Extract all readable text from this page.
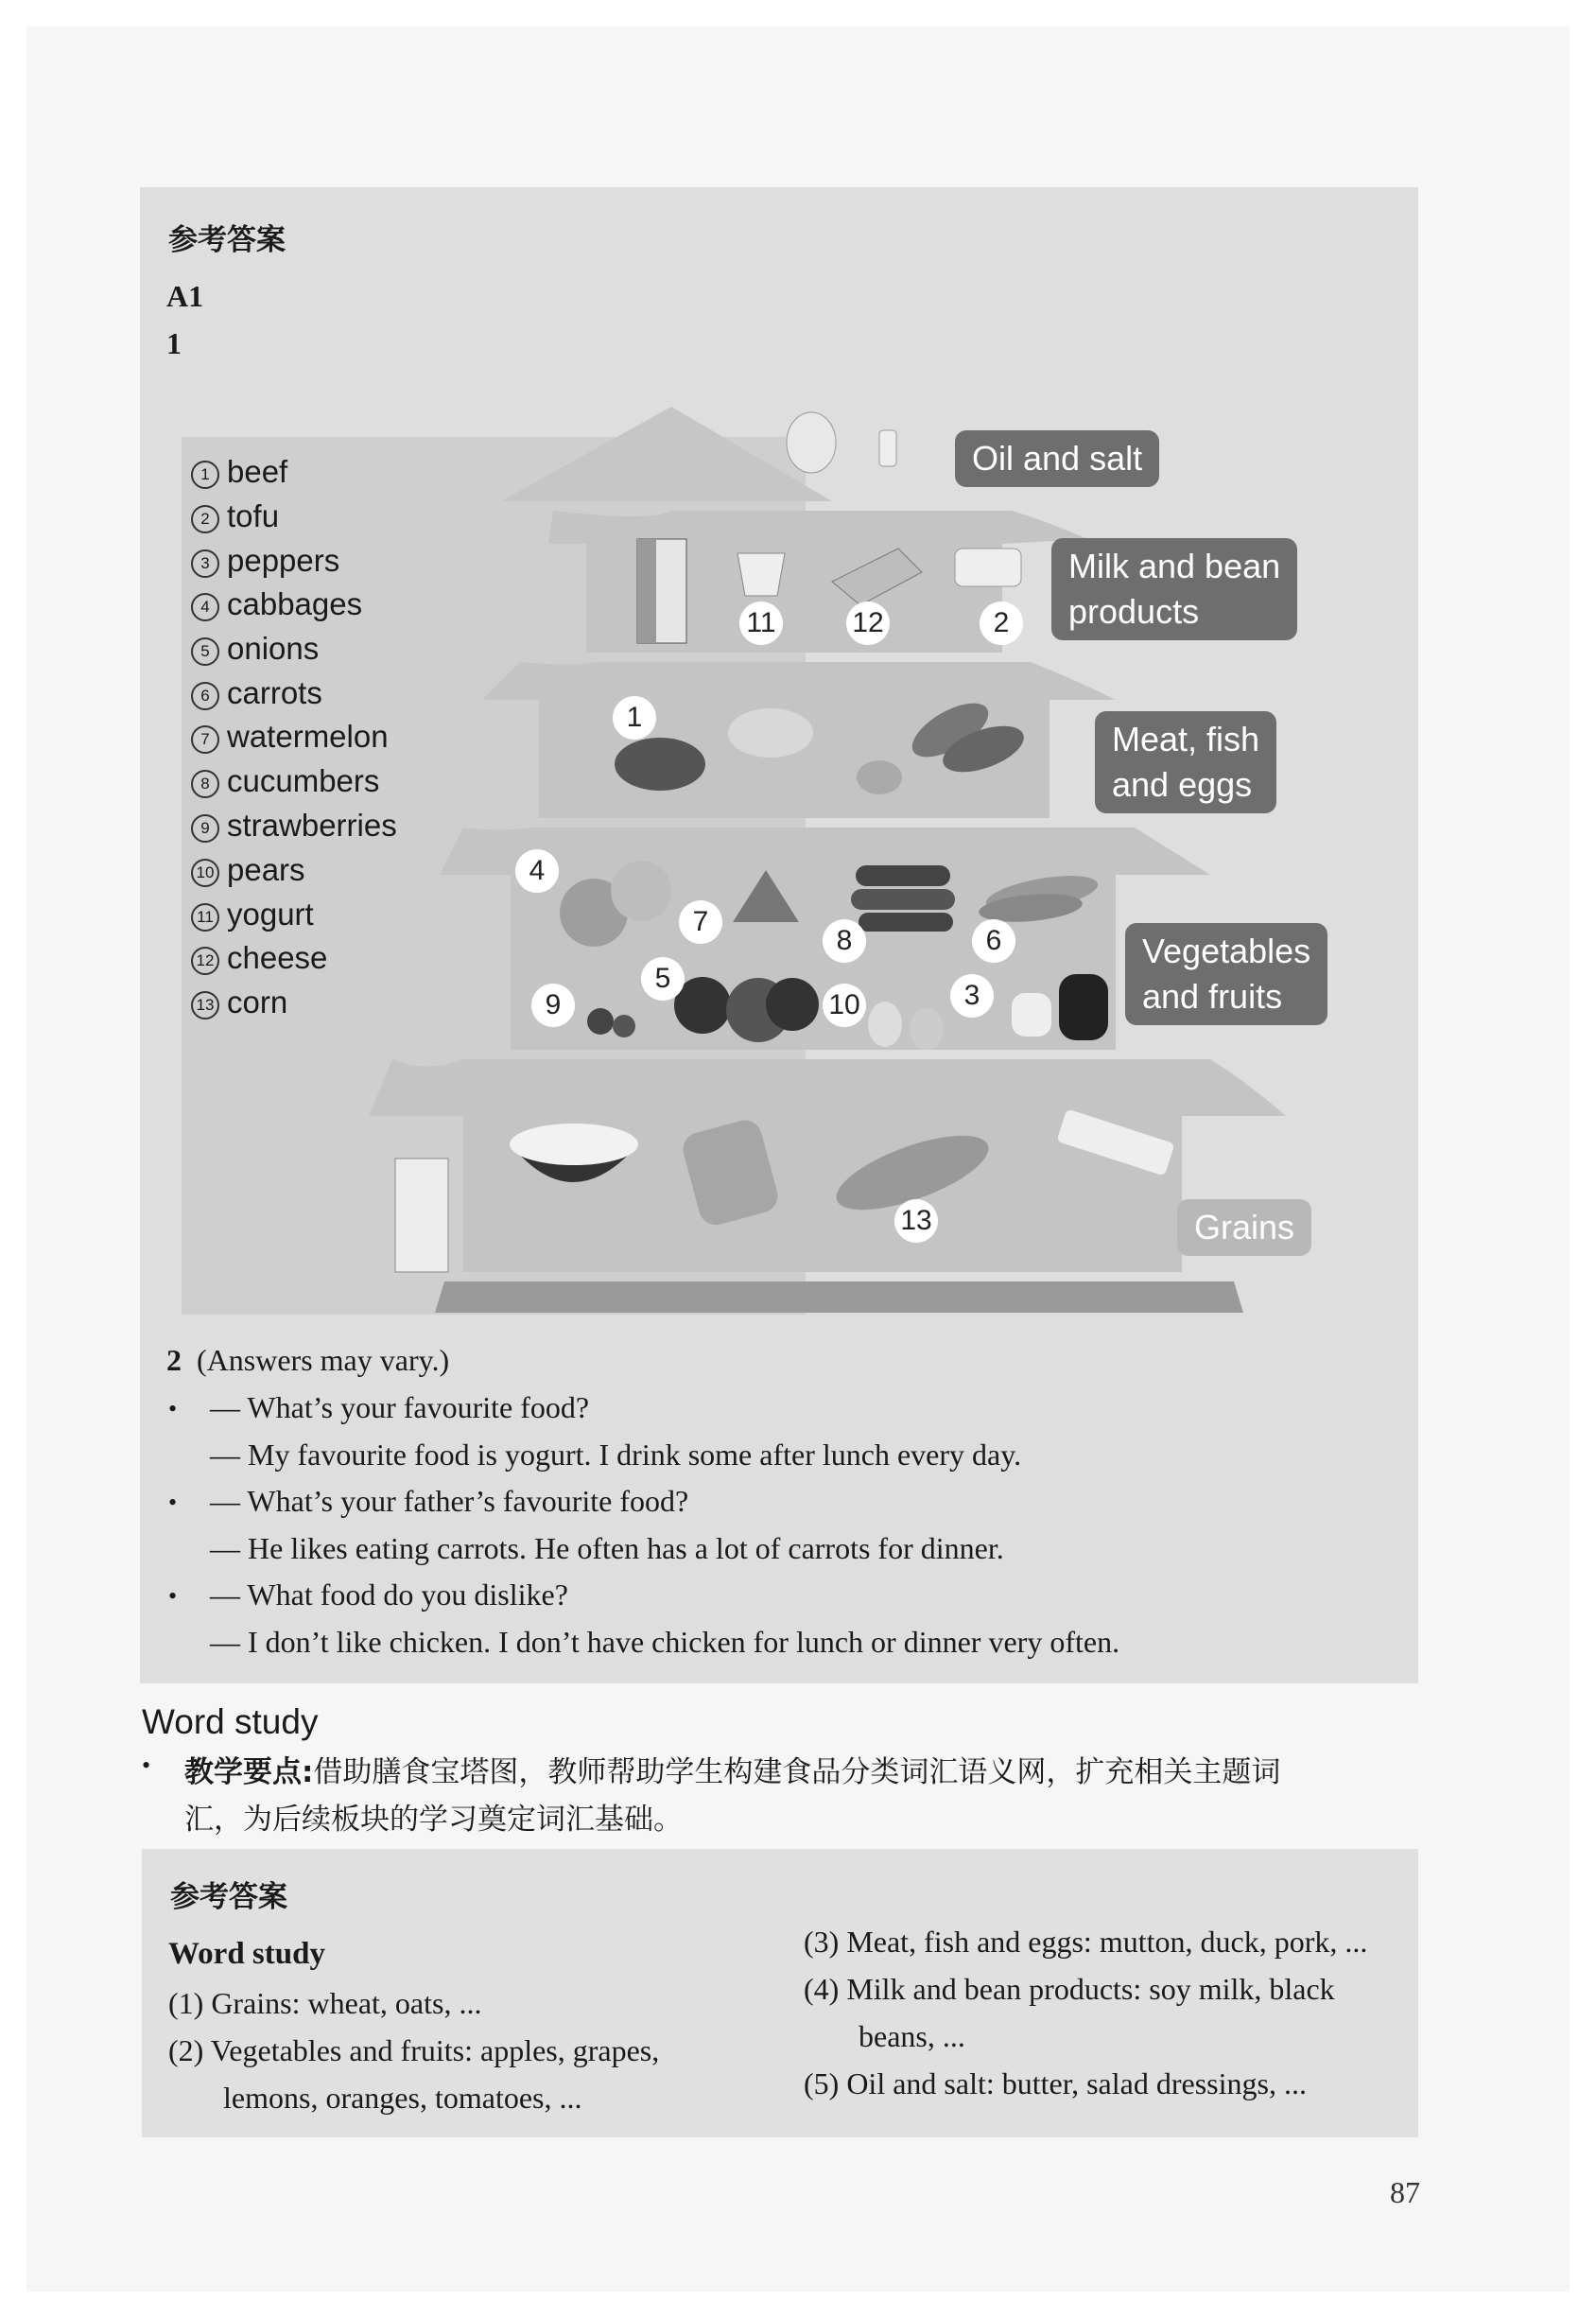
参考答案
A1
1
1 beef
2 tofu
3 peppers
4 cabbages
5 onions
6 carrots
7 watermelon
8 cucumbers
9 strawberries
10 pears
11 yogurt
12 cheese
13 corn
Oil and salt
Milk and bean
products
Meat, fish
and eggs
Vegetables
and fruits
Grains
11	12	2
1
4
7
8	6
5
9	10	3
13
2 (Answers may vary.)
• — What’s your favourite food?
— My favourite food is yogurt. I drink some after lunch every day.
• — What’s your father’s favourite food?
— He likes eating carrots. He often has a lot of carrots for dinner.
• — What food do you dislike?
— I don’t like chicken. I don’t have chicken for lunch or dinner very often.
Word study
• 教学要点:借助膳食宝塔图，教师帮助学生构建食品分类词汇语义网，扩充相关主题词
汇，为后续板块的学习奠定词汇基础。
参考答案
Word study
(1) Grains: wheat, oats, ...
(2) Vegetables and fruits: apples, grapes,
lemons, oranges, tomatoes, ...
(3) Meat, fish and eggs: mutton, duck, pork, ...
(4) Milk and bean products: soy milk, black
beans, ...
(5) Oil and salt: butter, salad dressings, ...
87
